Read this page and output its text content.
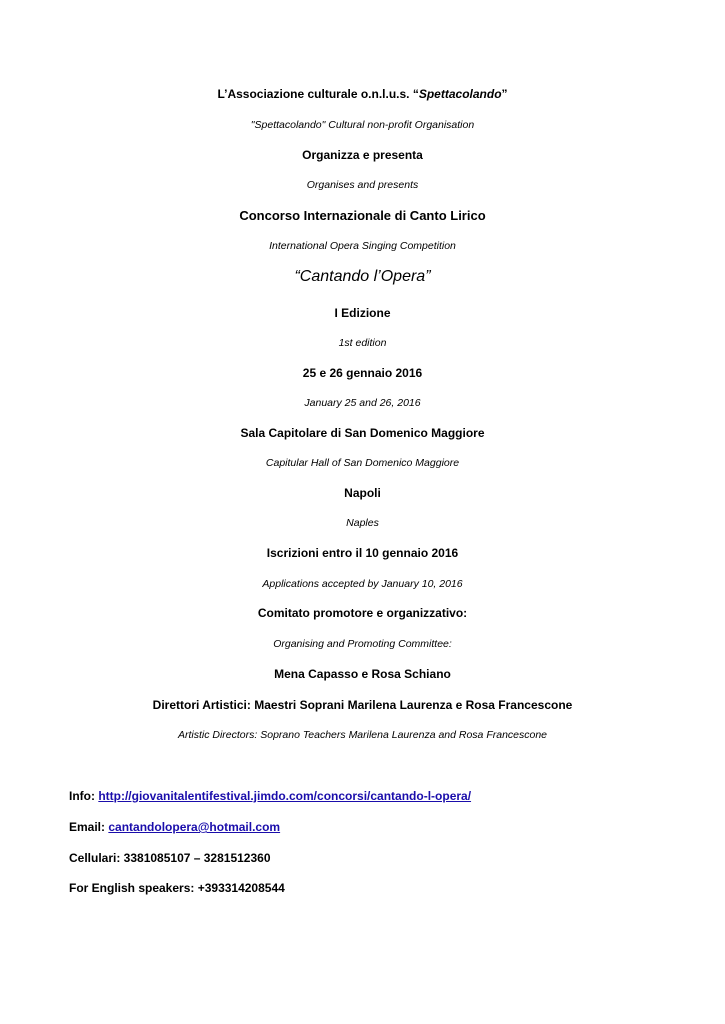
L’Associazione culturale o.n.l.u.s. “Spettacolando”
"Spettacolando" Cultural non-profit Organisation
Organizza e presenta
Organises and presents
Concorso Internazionale di Canto Lirico
International Opera Singing Competition
“Cantando l’Opera”
I Edizione
1st edition
25 e 26 gennaio 2016
January 25 and 26, 2016
Sala Capitolare di San Domenico Maggiore
Capitular Hall of San Domenico Maggiore
Napoli
Naples
Iscrizioni entro il 10 gennaio 2016
Applications accepted by January 10, 2016
Comitato promotore e organizzativo:
Organising and Promoting Committee:
Mena Capasso e Rosa Schiano
Direttori Artistici: Maestri Soprani Marilena Laurenza e Rosa Francescone
Artistic Directors: Soprano Teachers Marilena Laurenza and Rosa Francescone
Info: http://giovanitalentifestival.jimdo.com/concorsi/cantando-l-opera/
Email: cantandolopera@hotmail.com
Cellulari: 3381085107 – 3281512360
For English speakers: +393314208544
